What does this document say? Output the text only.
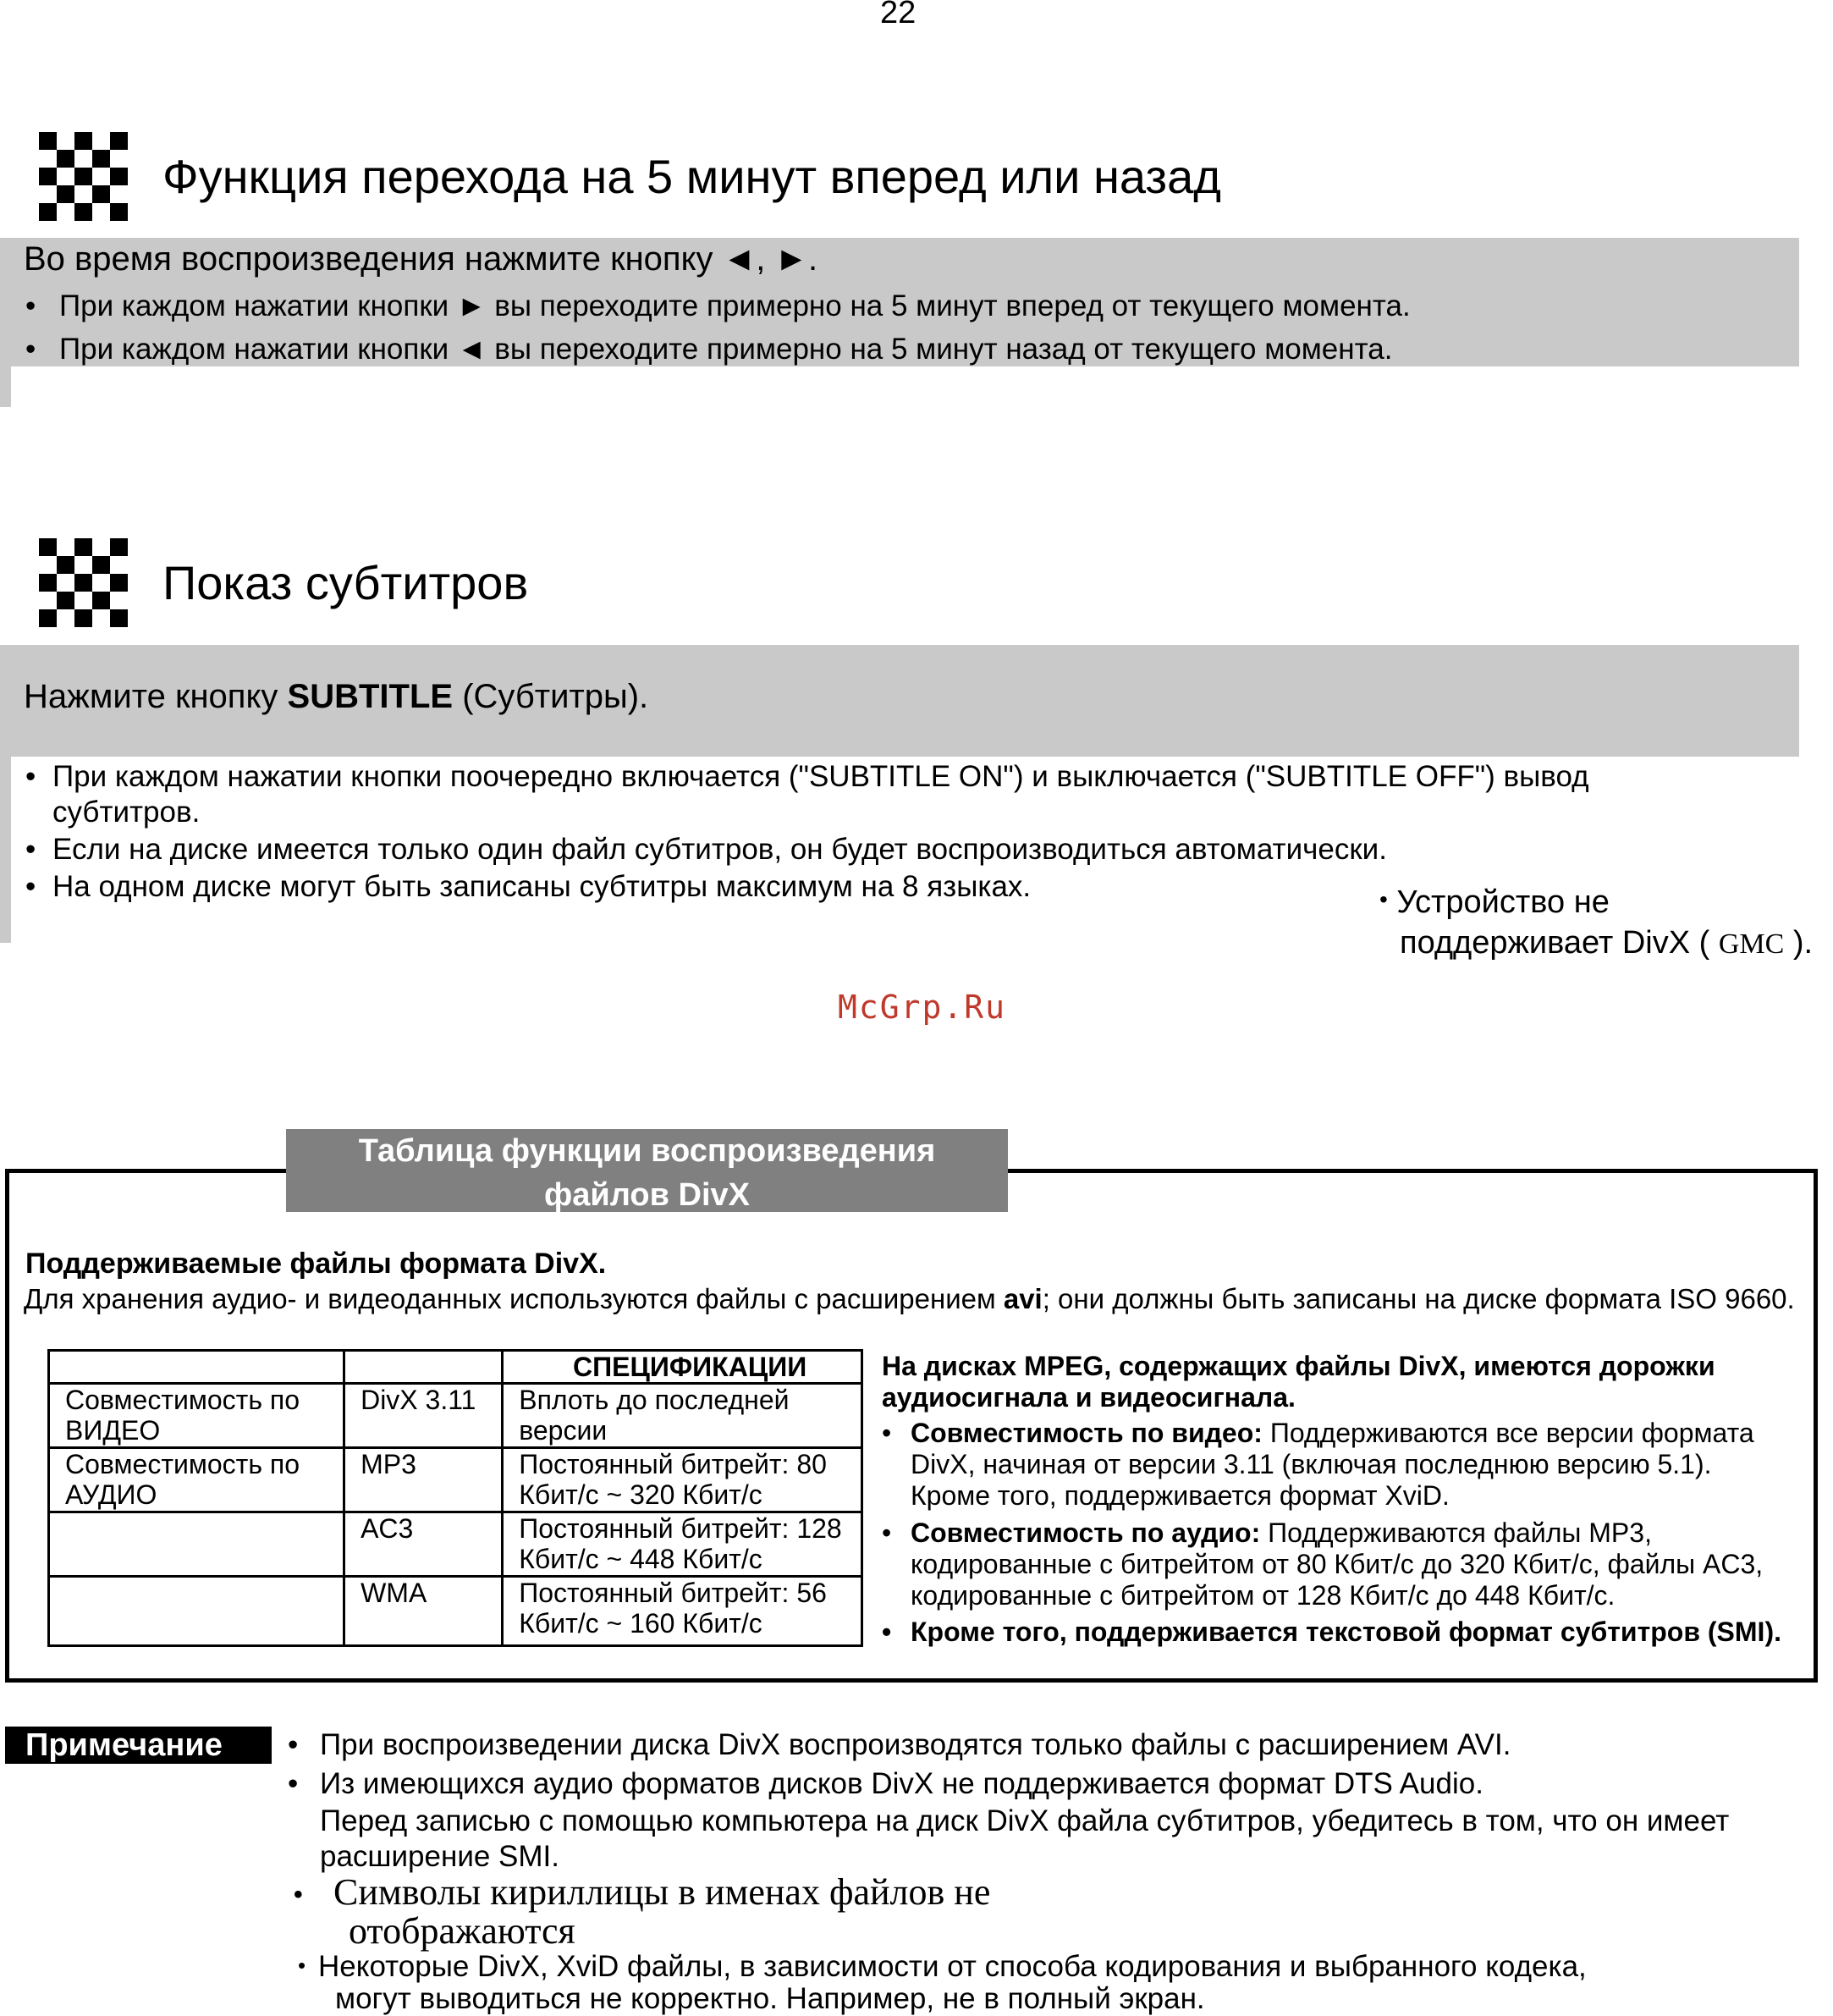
22
Функция перехода на 5 минут вперед или назад
Во время воспроизведения нажмите кнопку ◄, ►.
• При каждом нажатии кнопки ► вы переходите примерно на 5 минут вперед от текущего момента.
• При каждом нажатии кнопки ◄ вы переходите примерно на 5 минут назад от текущего момента.
Показ субтитров
Нажмите кнопку SUBTITLE (Субтитры).
• При каждом нажатии кнопки поочередно включается ("SUBTITLE ON") и выключается ("SUBTITLE OFF") вывод
субтитров.
• Если на диске имеется только один файл субтитров, он будет воспроизводиться автоматически.
• На одном диске могут быть записаны субтитры максимум на 8 языках.	• Устройство не
поддерживает DivX ( GMC ).
McGrp.Ru
Таблица функции воспроизведения
файлов DivX
Поддерживаемые файлы формата DivX.
Для хранения аудио- и видеоданных используются файлы с расширением avi; они должны быть записаны на диске формата ISO 9660.
		СПЕЦИФИКАЦИИ
Совместимость по ВИДЕО	DivX 3.11	Вплоть до последней версии
Совместимость по АУДИО	MP3	Постоянный битрейт: 80 Кбит/с ~ 320 Кбит/с
	AC3	Постоянный битрейт: 128 Кбит/с ~ 448 Кбит/с
	WMA	Постоянный битрейт: 56 Кбит/с ~ 160 Кбит/с
На дисках MPEG, содержащих файлы DivX, имеются дорожки
аудиосигнала и видеосигнала.
• Совместимость по видео: Поддерживаются все версии формата
DivX, начиная от версии 3.11 (включая последнюю версию 5.1).
Кроме того, поддерживается формат XviD.
• Совместимость по аудио: Поддерживаются файлы MP3,
кодированные с битрейтом от 80 Кбит/с до 320 Кбит/с, файлы AC3,
кодированные с битрейтом от 128 Кбит/с до 448 Кбит/с.
• Кроме того, поддерживается текстовой формат субтитров (SMI).
Примечание	• При воспроизведении диска DivX воспроизводятся только файлы с расширением AVI.
• Из имеющихся аудио форматов дисков DivX не поддерживается формат DTS Audio.
Перед записью с помощью компьютера на диск DivX файла субтитров, убедитесь в том, что он имеет
расширение SMI.
• Символы кириллицы в именах файлов не
отображаются
• Некоторые DivX, XviD файлы, в зависимости от способа кодирования и выбранного кодека,
могут выводиться не корректно. Например, не в полный экран.
